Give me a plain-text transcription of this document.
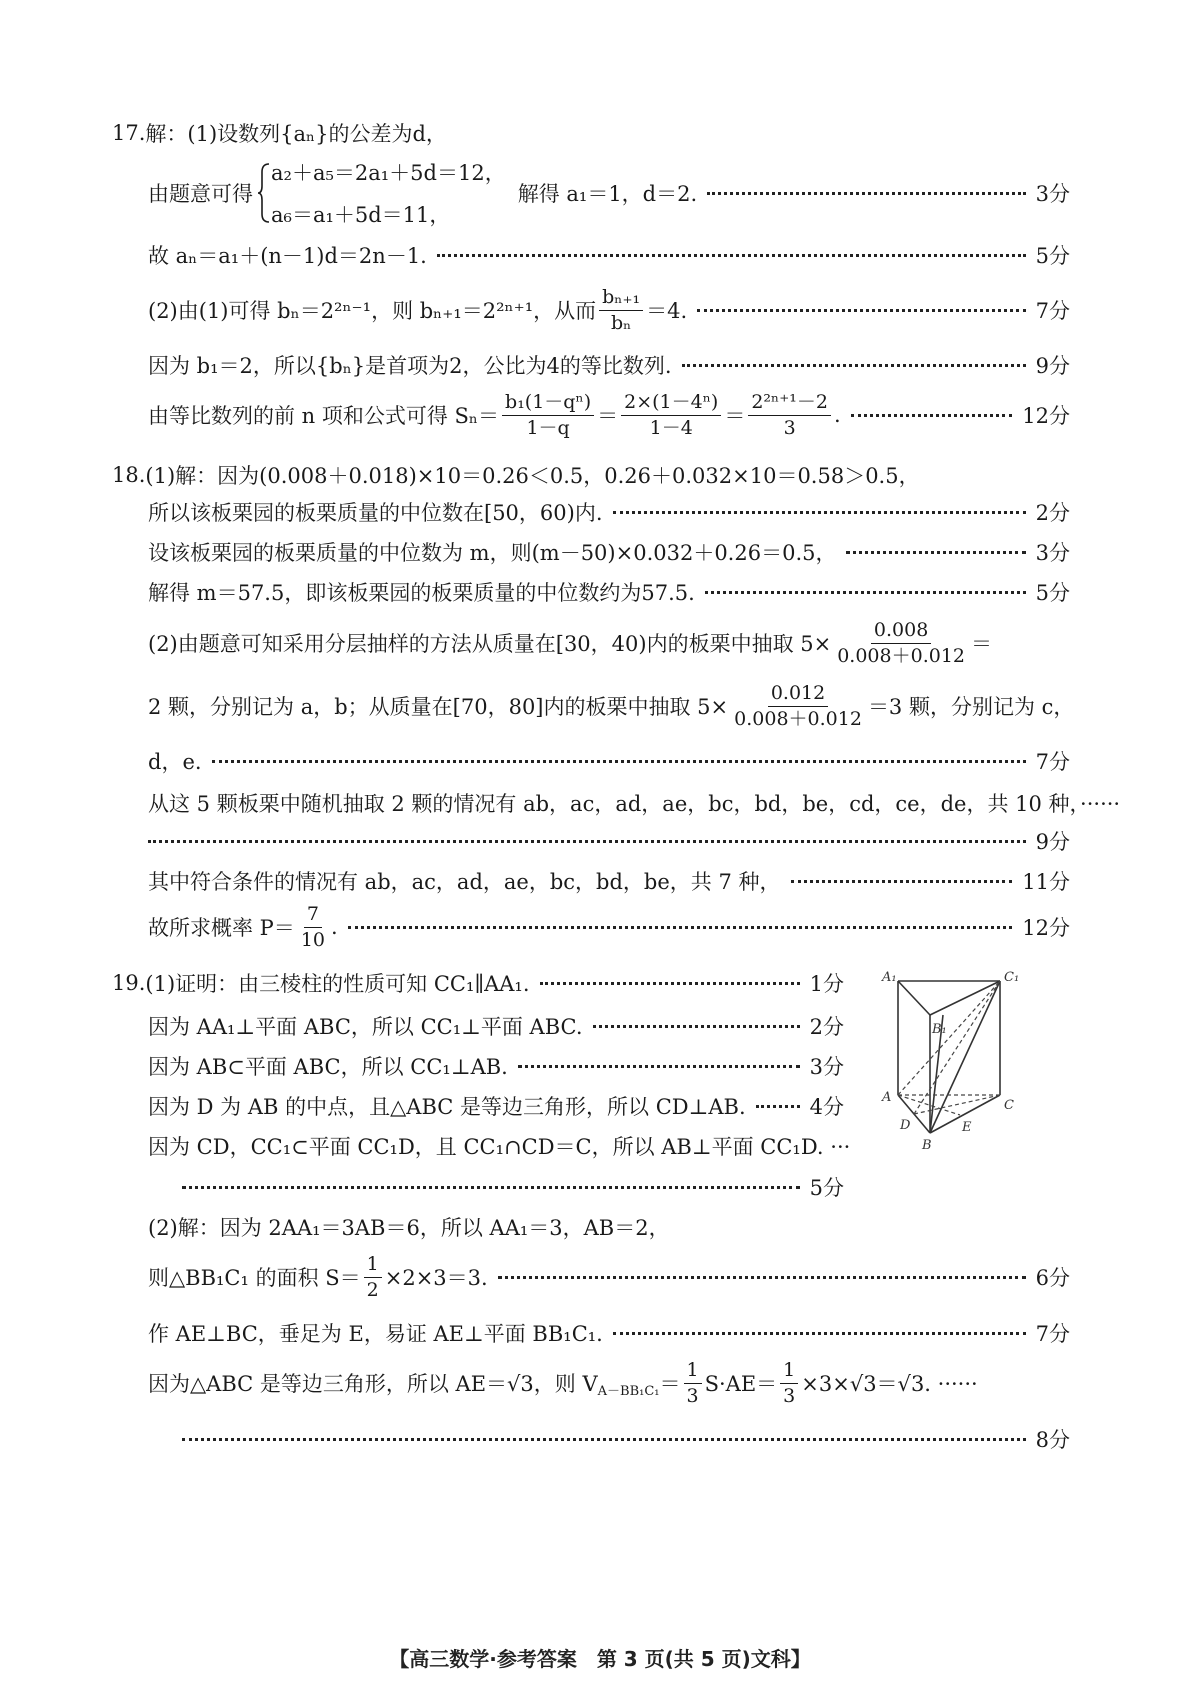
17. 解：(1)设数列{aₙ}的公差为d，
由题意可得
a₂＋a₅＝2a₁＋5d＝12，
a₆＝a₁＋5d＝11，
解得 a₁＝1，d＝2.	3分
故 aₙ＝a₁＋(n－1)d＝2n－1.	5分
(2)由(1)可得 bₙ＝2²ⁿ⁻¹，则 bₙ₊₁＝2²ⁿ⁺¹，从而 $\frac{\text{bₙ₊₁}}{\text{bₙ}} =4$.	7分
因为 b₁＝2，所以{bₙ}是首项为2，公比为4的等比数列.	9分
由等比数列的前 n 项和公式可得 $S_n= \frac{\text{b₁(1－qⁿ)}}{1-q} = \frac{\text{2×(1－4ⁿ)}}{1-4} = \frac{\text{2²ⁿ⁺¹－2}}{3}$ .	12分
18. (1)解：因为(0.008＋0.018)×10＝0.26＜0.5，0.26＋0.032×10＝0.58＞0.5，
所以该板栗园的板栗质量的中位数在[50，60)内.	2分
设该板栗园的板栗质量的中位数为 m，则(m－50)×0.032＋0.26＝0.5，	3分
解得 m＝57.5，即该板栗园的板栗质量的中位数约为57.5.	5分
(2)由题意可知采用分层抽样的方法从质量在[30，40)内的板栗中抽取 $5\times \frac{0.008}{0.008+0.012}$ ＝
2 颗，分别记为 a，b；从质量在[70，80]内的板栗中抽取 $5\times \frac{0.012}{0.008+0.012} =3$ 颗，分别记为 c，
d，e.	7分
从这 5 颗板栗中随机抽取 2 颗的情况有 ab，ac，ad，ae，bc，bd，be，cd，ce，de，共 10 种，······
9分
其中符合条件的情况有 ab，ac，ad，ae，bc，bd，be，共 7 种，	11分
故所求概率 $P= \frac{7}{10}$ .	12分
19. (1)证明：由三棱柱的性质可知 CC₁∥AA₁.	1分
因为 AA₁⊥平面 ABC，所以 CC₁⊥平面 ABC.	2分
因为 AB⊂平面 ABC，所以 CC₁⊥AB.	3分
因为 D 为 AB 的中点，且△ABC 是等边三角形，所以 CD⊥AB.	4分
因为 CD，CC₁⊂平面 CC₁D，且 CC₁∩CD＝C，所以 AB⊥平面 CC₁D. ···
5分
A₁	C₁
B₁
A
C
D	E
B
(2)解：因为 2AA₁＝3AB＝6，所以 AA₁＝3，AB＝2，
则△BB₁C₁ 的面积 $S= \frac{1}{2} \times 2\times 3=3$.	6分
作 AE⊥BC，垂足为 E，易证 AE⊥平面 BB₁C₁.	7分
因为△ABC 是等边三角形，所以 AE＝√3，则 V $A-BB_1C_1 = \frac{1}{3} S\cdot AE= \frac{1}{3} \times 3\times√3=√3$. ······
8分
【高三数学·参考答案　第 3 页(共 5 页)文科】
